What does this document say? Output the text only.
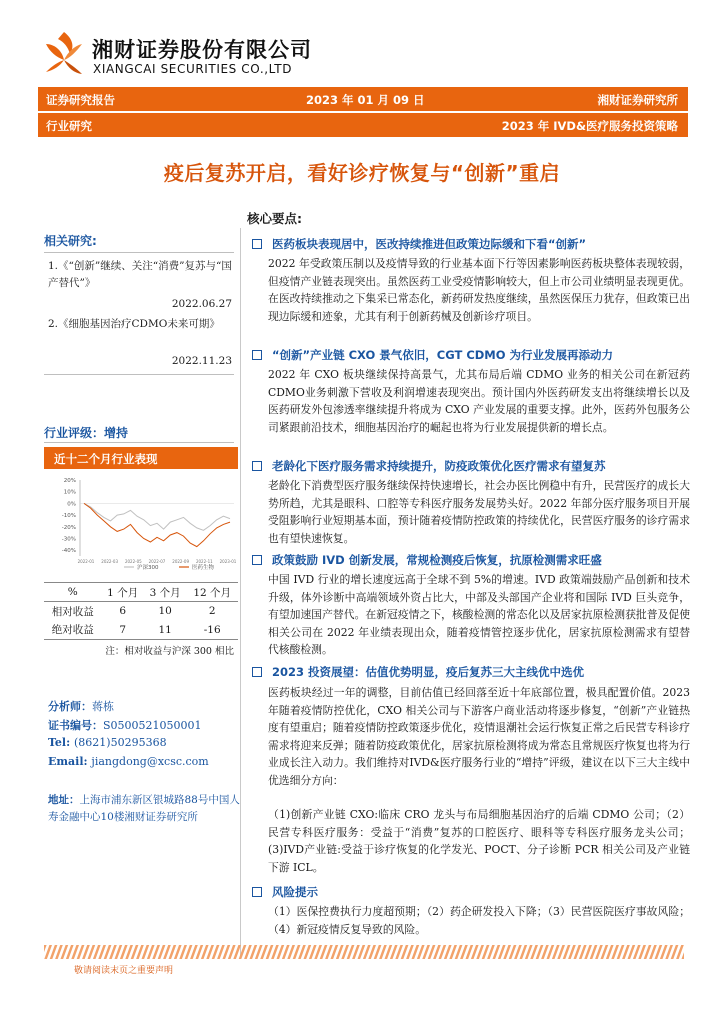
湘财证券股份有限公司
XIANGCAI SECURITIES CO.,LTD
证券研究报告	2023 年 01 月 09 日	湘财证券研究所
行业研究	2023 年 IVD&医疗服务投资策略
疫后复苏开启，看好诊疗恢复与“创新”重启
相关研究:
1.《“创新”继续、关注“消费”复苏与“国产替代”》
2022.06.27
2.《细胞基因治疗CDMO未来可期》
2022.11.23
行业评级：增持
近十二个月行业表现
20%
10%
0%
-10%
-20%
-30%
-40%
2022-01 2022-03 2022-05 2022-07 2022-09 2022-11 2023-01
沪深300	医药生物
%	1 个月	3 个月	12 个月
相对收益	6	10	2
绝对收益	7	11	-16
注：相对收益与沪深 300 相比
分析师：蒋栋
证书编号：S0500521050001
Tel: (8621)50295368
Email: jiangdong@xcsc.com
地址：上海市浦东新区银城路88号中国人寿金融中心10楼湘财证券研究所
核心要点:
医药板块表现居中，医改持续推进但政策边际缓和下看“创新”
2022 年受政策压制以及疫情导致的行业基本面下行等因素影响医药板块整体表现较弱，但疫情产业链表现突出。虽然医药工业受疫情影响较大，但上市公司业绩明显表现更优。在医改持续推动之下集采已常态化，新药研发热度继续，虽然医保压力犹存，但政策已出现边际缓和迹象，尤其有利于创新药械及创新诊疗项目。
“创新”产业链 CXO 景气依旧，CGT CDMO 为行业发展再添动力
2022 年 CXO 板块继续保持高景气，尤其布局后端 CDMO 业务的相关公司在新冠药CDMO业务刺激下营收及利润增速表现突出。预计国内外医药研发支出将继续增长以及医药研发外包渗透率继续提升将成为 CXO 产业发展的重要支撑。此外，医药外包服务公司紧跟前沿技术，细胞基因治疗的崛起也将为行业发展提供新的增长点。
老龄化下医疗服务需求持续提升，防疫政策优化医疗需求有望复苏
老龄化下消费型医疗服务继续保持快速增长，社会办医比例稳中有升，民营医疗的成长大势所趋，尤其是眼科、口腔等专科医疗服务发展势头好。2022 年部分医疗服务项目开展受阻影响行业短期基本面，预计随着疫情防控政策的持续优化，民营医疗服务的诊疗需求也有望快速恢复。
政策鼓励 IVD 创新发展，常规检测疫后恢复，抗原检测需求旺盛
中国 IVD 行业的增长速度远高于全球不到 5%的增速。IVD 政策端鼓励产品创新和技术升级，体外诊断中高端领域外资占比大，中部及头部国产企业将和国际 IVD 巨头竞争，有望加速国产替代。在新冠疫情之下，核酸检测的常态化以及居家抗原检测获批普及促使相关公司在 2022 年业绩表现出众，随着疫情管控逐步优化，居家抗原检测需求有望替代核酸检测。
2023 投资展望：估值优势明显，疫后复苏三大主线优中选优
医药板块经过一年的调整，目前估值已经回落至近十年底部位置，极具配置价值。2023 年随着疫情防控优化，CXO 相关公司与下游客户商业活动将逐步修复，“创新”产业链热度有望重启；随着疫情防控政策逐步优化，疫情退潮社会运行恢复正常之后民营专科诊疗需求将迎来反弹；随着防疫政策优化，居家抗原检测将成为常态且常规医疗恢复也将为行业成长注入动力。我们维持对IVD&医疗服务行业的“增持”评级，建议在以下三大主线中优选细分方向：
（1)创新产业链 CXO:临床 CRO 龙头与布局细胞基因治疗的后端 CDMO 公司；（2）民营专科医疗服务：受益于“消费”复苏的口腔医疗、眼科等专科医疗服务龙头公司；(3)IVD产业链:受益于诊疗恢复的化学发光、POCT、分子诊断 PCR 相关公司及产业链下游 ICL。
风险提示
（1）医保控费执行力度超预期；（2）药企研发投入下降；（3）民营医院医疗事故风险；（4）新冠疫情反复导致的风险。
敬请阅读末页之重要声明
